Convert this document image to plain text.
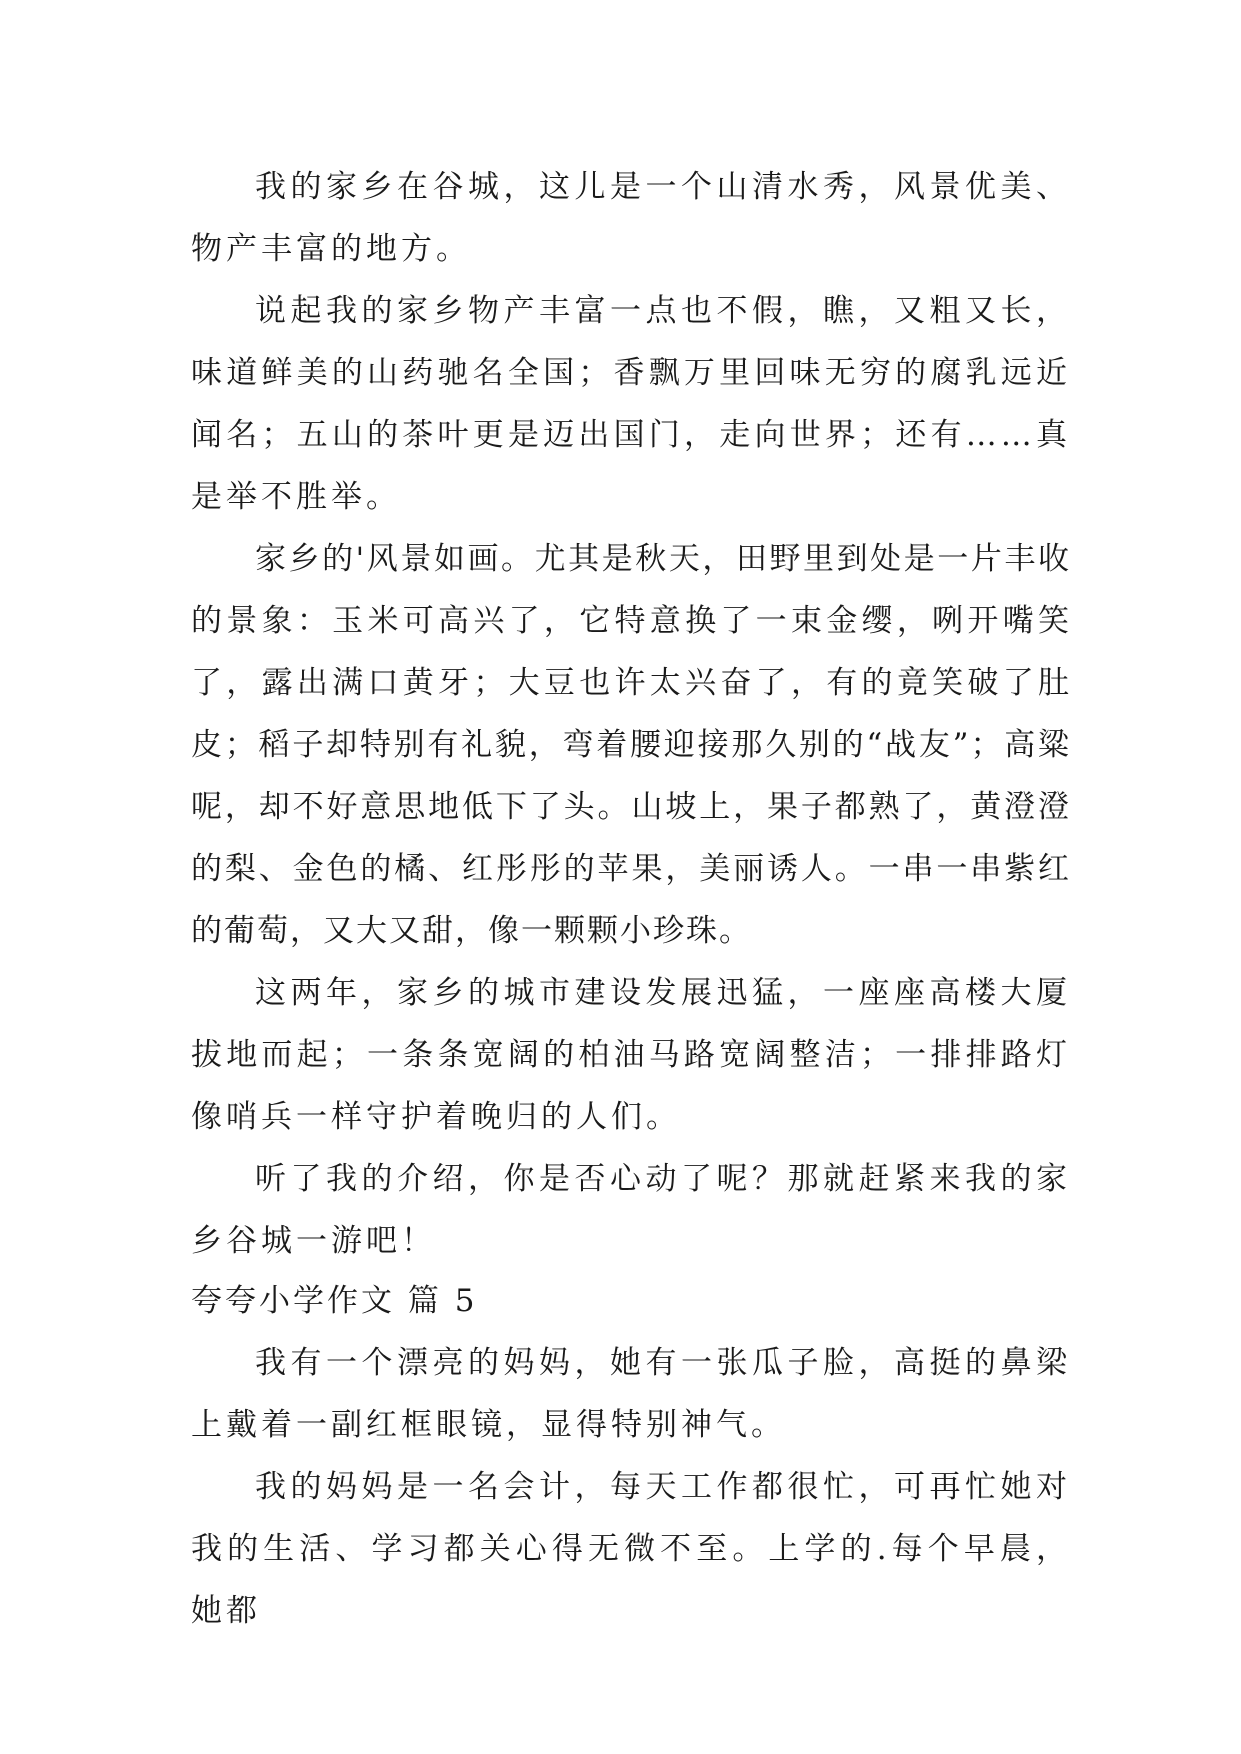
我的家乡在谷城，这儿是一个山清水秀，风景优美、物产丰富的地方。

说起我的家乡物产丰富一点也不假，瞧，又粗又长，味道鲜美的山药驰名全国；香飘万里回味无穷的腐乳远近闻名；五山的茶叶更是迈出国门，走向世界；还有……真是举不胜举。

家乡的'风景如画。尤其是秋天，田野里到处是一片丰收的景象：玉米可高兴了，它特意换了一束金缨，咧开嘴笑了，露出满口黄牙；大豆也许太兴奋了，有的竟笑破了肚皮；稻子却特别有礼貌，弯着腰迎接那久别的“战友”；高粱呢，却不好意思地低下了头。山坡上，果子都熟了，黄澄澄的梨、金色的橘、红彤彤的苹果，美丽诱人。一串一串紫红的葡萄，又大又甜，像一颗颗小珍珠。

这两年，家乡的城市建设发展迅猛，一座座高楼大厦拔地而起；一条条宽阔的柏油马路宽阔整洁；一排排路灯像哨兵一样守护着晚归的人们。

听了我的介绍，你是否心动了呢？那就赶紧来我的家乡谷城一游吧！

夸夸小学作文 篇 5

我有一个漂亮的妈妈，她有一张瓜子脸，高挺的鼻梁上戴着一副红框眼镜，显得特别神气。

我的妈妈是一名会计，每天工作都很忙，可再忙她对我的生活、学习都关心得无微不至。上学的.每个早晨，她都
